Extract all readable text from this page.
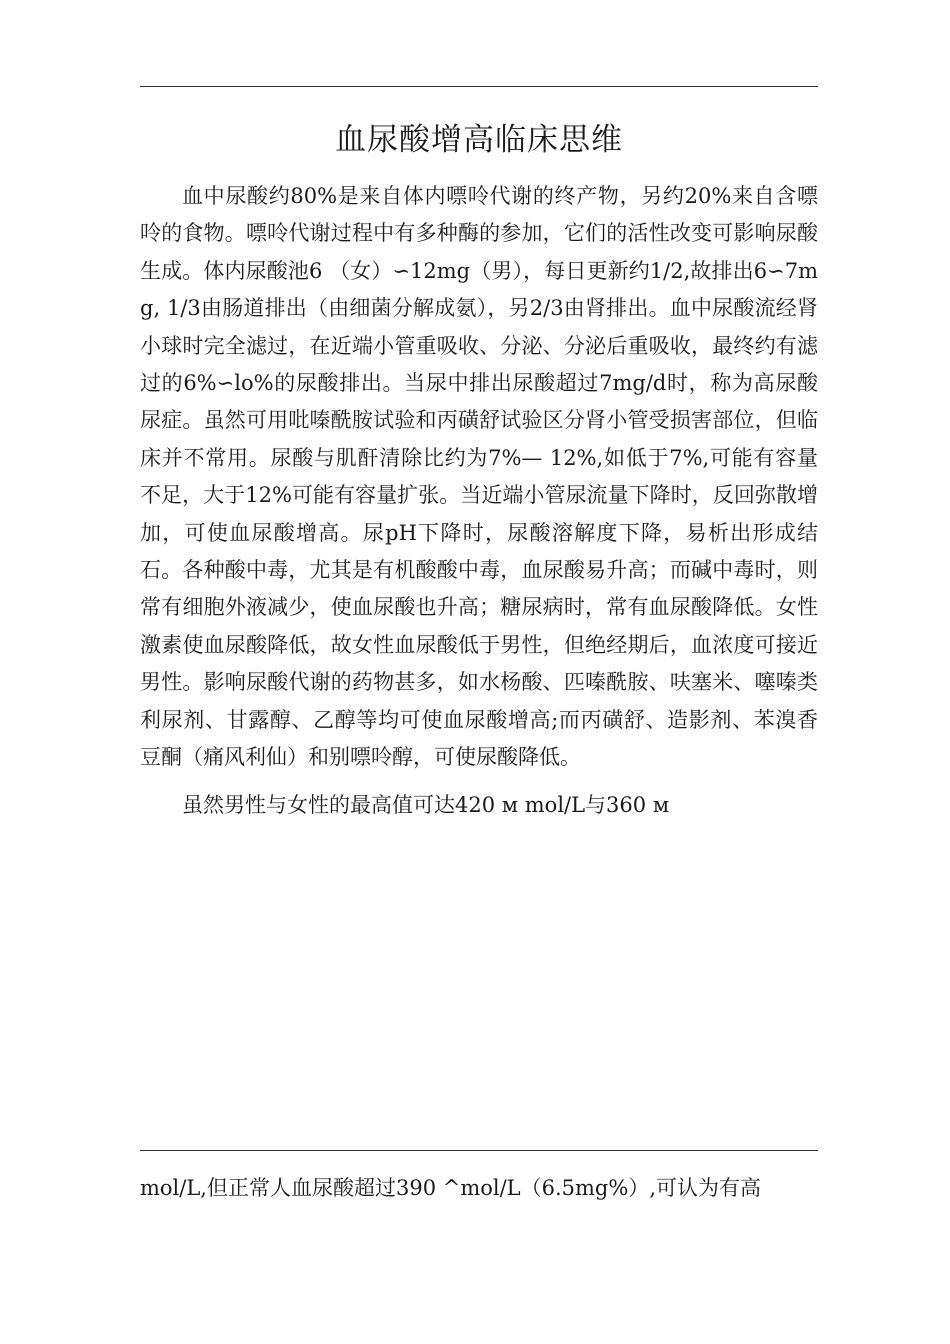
血尿酸增高临床思维

血中尿酸约80%是来自体内嘌呤代谢的终产物，另约20%来自含嘌呤的食物。嘌呤代谢过程中有多种酶的参加，它们的活性改变可影响尿酸生成。体内尿酸池6 （女）∽12mg（男），每日更新约1/2,故排出6∽7mg, 1/3由肠道排出（由细菌分解成氨），另2/3由肾排出。血中尿酸流经肾小球时完全滤过，在近端小管重吸收、分泌、分泌后重吸收，最终约有滤过的6%∽lo%的尿酸排出。当尿中排出尿酸超过7mg/d时，称为高尿酸尿症。虽然可用吡嗪酰胺试验和丙磺舒试验区分肾小管受损害部位，但临床并不常用。尿酸与肌酐清除比约为7%— 12%,如低于7%,可能有容量不足，大于12%可能有容量扩张。当近端小管尿流量下降时，反回弥散增加，可使血尿酸增高。尿pH下降时，尿酸溶解度下降，易析出形成结石。各种酸中毒，尤其是有机酸酸中毒，血尿酸易升高；而碱中毒时，则常有细胞外液减少，使血尿酸也升高；糖尿病时，常有血尿酸降低。女性激素使血尿酸降低，故女性血尿酸低于男性，但绝经期后，血浓度可接近男性。影响尿酸代谢的药物甚多，如水杨酸、匹嗪酰胺、呋塞米、噻嗪类利尿剂、甘露醇、乙醇等均可使血尿酸增高;而丙磺舒、造影剂、苯溴香豆酮（痛风利仙）和别嘌呤醇，可使尿酸降低。

虽然男性与女性的最高值可达420 м mol/L与360 м

mol/L,但正常人血尿酸超过390 ^mol/L（6.5mg%）,可认为有高
